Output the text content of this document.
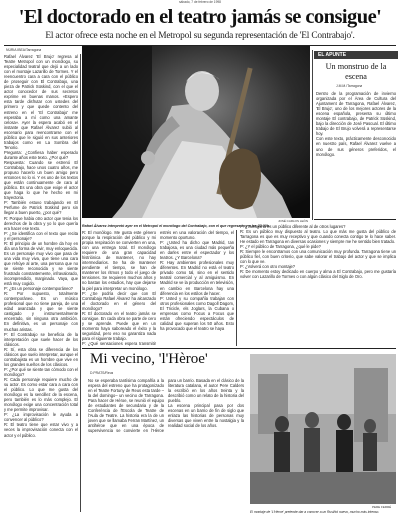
sábado, 7 de febrero de 1998
'El doctorado en el teatro jamás se consigue'
El actor ofrece esta noche en el Metropol su segunda representación de 'El Contrabajo'.
NÚRIA IBEA/Tarragona
JOSÉ CARLOS LEÓN
Rafael Álvarez interpretó ayer en el Metropol el monólogo del Contrabajo, con el que regresa hoy a las 22.00h.
EL APUNTE
Un monstruo de la escena
J.M.M./Tarragona
Dentro de la programación de invierno organizada por el Àrea de Cultura del Ajuntament de Tarragona, Rafael Álvarez, 'El Brujo', uno de los mejores actores de la escena española, presenta su último montaje El contrabajo, de Patrick Süskind, bajo la dirección de José Pascual. El último trabajo de El Brujo volverá a representarse hoy.
Con este texto, prácticamente desconocido en nuestro país, Rafael Álvarez vuelve a uno de sus géneros preferidos, el monólogo.
Rafael Álvarez 'El Brujo' regresa al Teatre Metropol con un monólogo, su especialidad teatral que dejó a un lado con el montaje Lazarillo de Tormes. Y el reencuentro cara a cara con el público de proseguir con El Contrabajo, una pieza de Patrick Süskind, con el que el actor conocedor de sus secretos exprime en buenas manos. «Espero esta tarde disfrutar con ustedes del primero y que quede contento del estreno en el 'El Contrabajo' me esperaba a mí como una amante celosa». Ayer la espera acabó en el instante que Rafael Álvarez subió al escenario para reencontrarse con el público que le siguió en sus anteriores trabajos como en La Sombra del Tenorio.
Pregunta: ¿Confiesa haber esperado durante años este texto. ¿Por qué?
Respuesta: Cuando se estrenó El Contrabajo, hace unos cuatro años, me propuso hacerlo un buen amigo pero entonces no lo vi. Y es uno de los textos que están continuamente de cara al público. Es una obra que exige el actor que haga lo que he hecho en mi trayectoria.
P: También estuvo trabajando en El Perfume de Patrick Süskind pero sin llegar a buen puerto, ¿por qué?
R: Porque habia otro actor que tenia los derechos de la obra y yo lo que quería era hacer ese texto.
P: ¿Se identifica con el texto que recita y el personaje?
R: El principio de un hombre da hoy en día una forma de vivir, muy enloquecida. Es un personaje muy vivo que pasa de una vida muy viva, que tiene una cara que rehúye al arte, una persona que no se siente reconocida y se siente frustrado constantemente, infravalorado, incomprendido, marginado. Vaya, que está muy cogido.
P: ¿Es un personaje contemporáneo?
R: Por supuesto, totalmente contemporáneo. Es un músico profesional que no tiene pareja, de una edad avanzada y que se siente castigado y instrumentalmente encerrado, sin ninguna otra ambición. En definitiva, es un personaje con muchas aristas.
P: El Contrabajo se beneficia de la interpretación que suele hacer de los clásicos.
R: Sí, esta obra se diferencia de los clásicos que suelo interpretar, aunque el contrabajista es un hombre que vive en los grandes sueños de los clásicos.
P: ¿Por qué se siente tan cómodo con el monólogo?
R: Cada personaje requiere mucho de su actor. Es como estar cara a cara con el público. Lo que me gusta del monólogo es la sencillez de la escena, pero también es lo más complejo. El monólogo exige una concentración total y me permite improvisar.
P: ¿La improvisación le ayuda a convencer al público?
R: El teatro tiene que estar vivo y a veces la improvisación conecta con el actor y el público.
R: El monólogo. Me gusta este género porque la respiración del público y mi propia respiración se convierten en una, con una entrega total. El monólogo requiere de una gran capacidad histriónica de mantener, no hay intermediarios. Se ha de mantener pendiente el tiempo, se han de mantener los ritmos y todo el juego de tensiones. Se requieren muchos años y no bastan los estudios, hay que dejarse la piel para interpretar un monólogo.
P: ¿Se podría decir que con El Contrabajo Rafael Álvarez ha alcanzado el doctorado en el género del monólogo?
R: El doctorado en el teatro jamás se consigue. En cada obra se parte de cero y se aprende. Puede que en un momento haya saboreado el éxito y la seguridad, pero eso no garantiza nada para el siguiente trabajo.
P: ¿Qué sensaciones espera transmitir

estrés en una valoración del tiempo, el momento oportuno.
P: ¿Usted ha dicho que Madrid, tan trabajosa, es una ciudad más pequeña en darles entre el espectador y los teatros. ¿Y Barcelona?
R: Hay ambientes profesionales muy diferentes. En Madrid no está el teatro privado como tal, sino en el sentido teatral comercial y al amiguismo. En Madrid se ve la producción en televisión, en cambio en Barcelona hay una diferencia en los estilos de hacer.
P: Usted y su compañía trabajan con otros profesionales como Dagoll Dagom, El Tricicle, els Joglars, la Cubana o empresas como Focus a Focus que están ofreciendo espectáculos de calidad que superan los 50 años. Esto ha provocado que el teatro se haya
P: ¿Tarragona es un público diferente al de otros lugares?
R: Es un público muy dispuesto al teatro. Lo que más me gusta del público de Tarragona es que es muy receptivo y que cuando conecta contigo te lo hace saber. He estado en Tarragona en diversas ocasiones y siempre me he sentido bien tratado.
P: ¿Y el público de Tarragona, ¿qué le pide?
R: Siempre le encontramos con una comunicación muy profunda. Tarragona tiene un público fiel, con buen criterio, que sabe valorar el trabajo del actor y que se implica con lo que ve.
P: ¿Volverá con otro montaje?
R: De momento estoy dedicado en cuerpo y alma a El Contrabajo, pero me gustaría volver con Lazarillo de Tormes o con algún clásico del Siglo de Oro.
Mi vecino, 'l'Hèroe'
D.PRATS/Reus
No se esperaba tantísima compañía a la espera del estreno que ha protagonizado en el Teatre Fortuny de Reus esta tarde –la del domingo– un vecino de Tarragona. Para hacer de Hèroe, se reunió el equipo de estudiantes de secundaria y de la Conferència de l'Escola de Teatre de l'Aula de Teatre. La historia era la de un joven que se llamaba Ferran Martínez, un antihéroe que en una época de supervivencia se convierte en l'Hèroe para un barrio. Basada en el clásico de la literatura catalana, el autor Pere Calders la escribió en los años treinta y la describió como un relato de la historia del pueblo.
La escena principal pasa por dos escenas en un barrio de fin de siglo que enlaza las historias de personas muy diversas que viven entre la nostalgia y la realidad social de los años.
PERE FERRÉ
El montaje de 'L'Hèroe' pretende dar a conocer a un Rusiñol nuevo, mucho más intenso.
